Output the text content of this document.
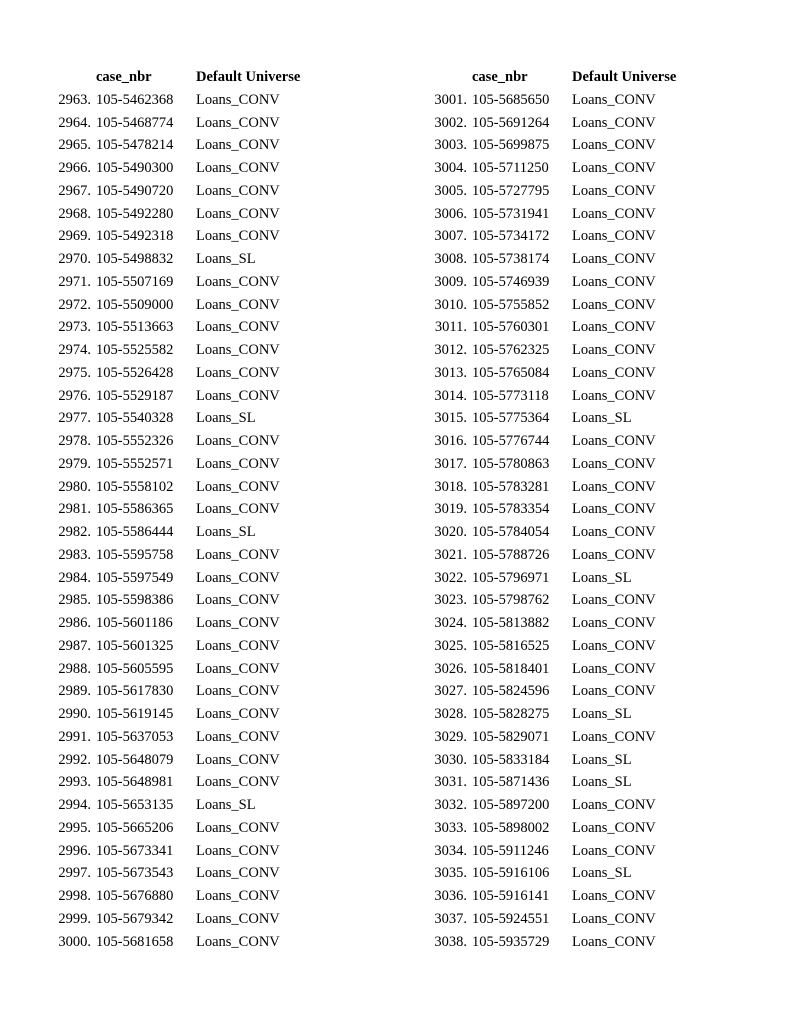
case_nbr	Default Universe
2963. 105-5462368	Loans_CONV
2964. 105-5468774	Loans_CONV
2965. 105-5478214	Loans_CONV
2966. 105-5490300	Loans_CONV
2967. 105-5490720	Loans_CONV
2968. 105-5492280	Loans_CONV
2969. 105-5492318	Loans_CONV
2970. 105-5498832	Loans_SL
2971. 105-5507169	Loans_CONV
2972. 105-5509000	Loans_CONV
2973. 105-5513663	Loans_CONV
2974. 105-5525582	Loans_CONV
2975. 105-5526428	Loans_CONV
2976. 105-5529187	Loans_CONV
2977. 105-5540328	Loans_SL
2978. 105-5552326	Loans_CONV
2979. 105-5552571	Loans_CONV
2980. 105-5558102	Loans_CONV
2981. 105-5586365	Loans_CONV
2982. 105-5586444	Loans_SL
2983. 105-5595758	Loans_CONV
2984. 105-5597549	Loans_CONV
2985. 105-5598386	Loans_CONV
2986. 105-5601186	Loans_CONV
2987. 105-5601325	Loans_CONV
2988. 105-5605595	Loans_CONV
2989. 105-5617830	Loans_CONV
2990. 105-5619145	Loans_CONV
2991. 105-5637053	Loans_CONV
2992. 105-5648079	Loans_CONV
2993. 105-5648981	Loans_CONV
2994. 105-5653135	Loans_SL
2995. 105-5665206	Loans_CONV
2996. 105-5673341	Loans_CONV
2997. 105-5673543	Loans_CONV
2998. 105-5676880	Loans_CONV
2999. 105-5679342	Loans_CONV
3000. 105-5681658	Loans_CONV
case_nbr	Default Universe
3001. 105-5685650	Loans_CONV
3002. 105-5691264	Loans_CONV
3003. 105-5699875	Loans_CONV
3004. 105-5711250	Loans_CONV
3005. 105-5727795	Loans_CONV
3006. 105-5731941	Loans_CONV
3007. 105-5734172	Loans_CONV
3008. 105-5738174	Loans_CONV
3009. 105-5746939	Loans_CONV
3010. 105-5755852	Loans_CONV
3011. 105-5760301	Loans_CONV
3012. 105-5762325	Loans_CONV
3013. 105-5765084	Loans_CONV
3014. 105-5773118	Loans_CONV
3015. 105-5775364	Loans_SL
3016. 105-5776744	Loans_CONV
3017. 105-5780863	Loans_CONV
3018. 105-5783281	Loans_CONV
3019. 105-5783354	Loans_CONV
3020. 105-5784054	Loans_CONV
3021. 105-5788726	Loans_CONV
3022. 105-5796971	Loans_SL
3023. 105-5798762	Loans_CONV
3024. 105-5813882	Loans_CONV
3025. 105-5816525	Loans_CONV
3026. 105-5818401	Loans_CONV
3027. 105-5824596	Loans_CONV
3028. 105-5828275	Loans_SL
3029. 105-5829071	Loans_CONV
3030. 105-5833184	Loans_SL
3031. 105-5871436	Loans_SL
3032. 105-5897200	Loans_CONV
3033. 105-5898002	Loans_CONV
3034. 105-5911246	Loans_CONV
3035. 105-5916106	Loans_SL
3036. 105-5916141	Loans_CONV
3037. 105-5924551	Loans_CONV
3038. 105-5935729	Loans_CONV
